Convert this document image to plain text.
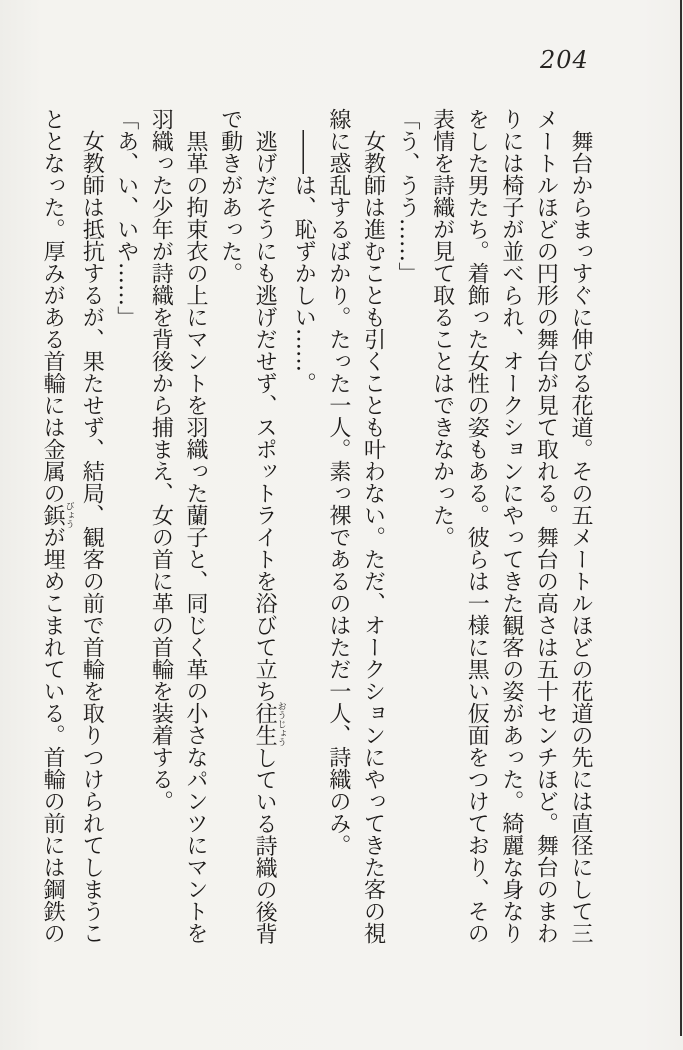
204

　舞台からまっすぐに伸びる花道。その五メートルほどの花道の先には直径にして三

メートルほどの円形の舞台が見て取れる。舞台の高さは五十センチほど。舞台のまわ

りには椅子が並べられ、オークションにやってきた観客の姿があった。綺麗な身なり

をした男たち。着飾った女性の姿もある。彼らは一様に黒い仮面をつけており、その

表情を詩織が見て取ることはできなかった。

「う、うう……」

　女教師は進むことも引くことも叶わない。ただ、オークションにやってきた客の視

線に惑乱するばかり。たった一人。素っ裸であるのはただ一人、詩織のみ。

　――は、恥ずかしい……。

　逃げだそうにも逃げだせず、スポットライトを浴びて立ち往生おうじょうしている詩織の後背

で動きがあった。

　黒革の拘束衣の上にマントを羽織った蘭子と、同じく革の小さなパンツにマントを

羽織った少年が詩織を背後から捕まえ、女の首に革の首輪を装着する。

「あ、い、いや……」

　女教師は抵抗するが、果たせず、結局、観客の前で首輪を取りつけられてしまうこ

ととなった。厚みがある首輪には金属の鋲びょうが埋めこまれている。首輪の前には鋼鉄の
